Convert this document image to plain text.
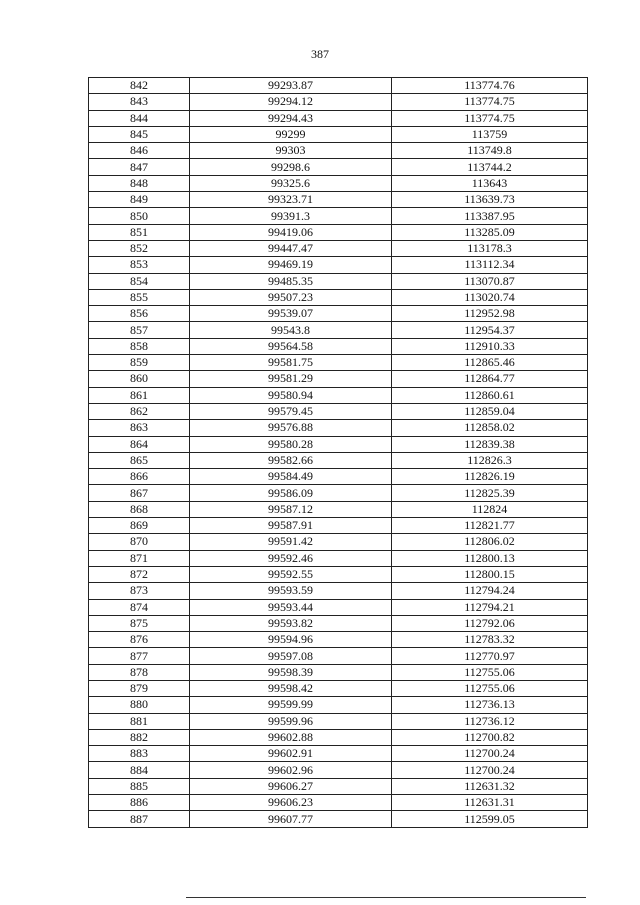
387
842	99293.87	113774.76
843	99294.12	113774.75
844	99294.43	113774.75
845	99299	113759
846	99303	113749.8
847	99298.6	113744.2
848	99325.6	113643
849	99323.71	113639.73
850	99391.3	113387.95
851	99419.06	113285.09
852	99447.47	113178.3
853	99469.19	113112.34
854	99485.35	113070.87
855	99507.23	113020.74
856	99539.07	112952.98
857	99543.8	112954.37
858	99564.58	112910.33
859	99581.75	112865.46
860	99581.29	112864.77
861	99580.94	112860.61
862	99579.45	112859.04
863	99576.88	112858.02
864	99580.28	112839.38
865	99582.66	112826.3
866	99584.49	112826.19
867	99586.09	112825.39
868	99587.12	112824
869	99587.91	112821.77
870	99591.42	112806.02
871	99592.46	112800.13
872	99592.55	112800.15
873	99593.59	112794.24
874	99593.44	112794.21
875	99593.82	112792.06
876	99594.96	112783.32
877	99597.08	112770.97
878	99598.39	112755.06
879	99598.42	112755.06
880	99599.99	112736.13
881	99599.96	112736.12
882	99602.88	112700.82
883	99602.91	112700.24
884	99602.96	112700.24
885	99606.27	112631.32
886	99606.23	112631.31
887	99607.77	112599.05
